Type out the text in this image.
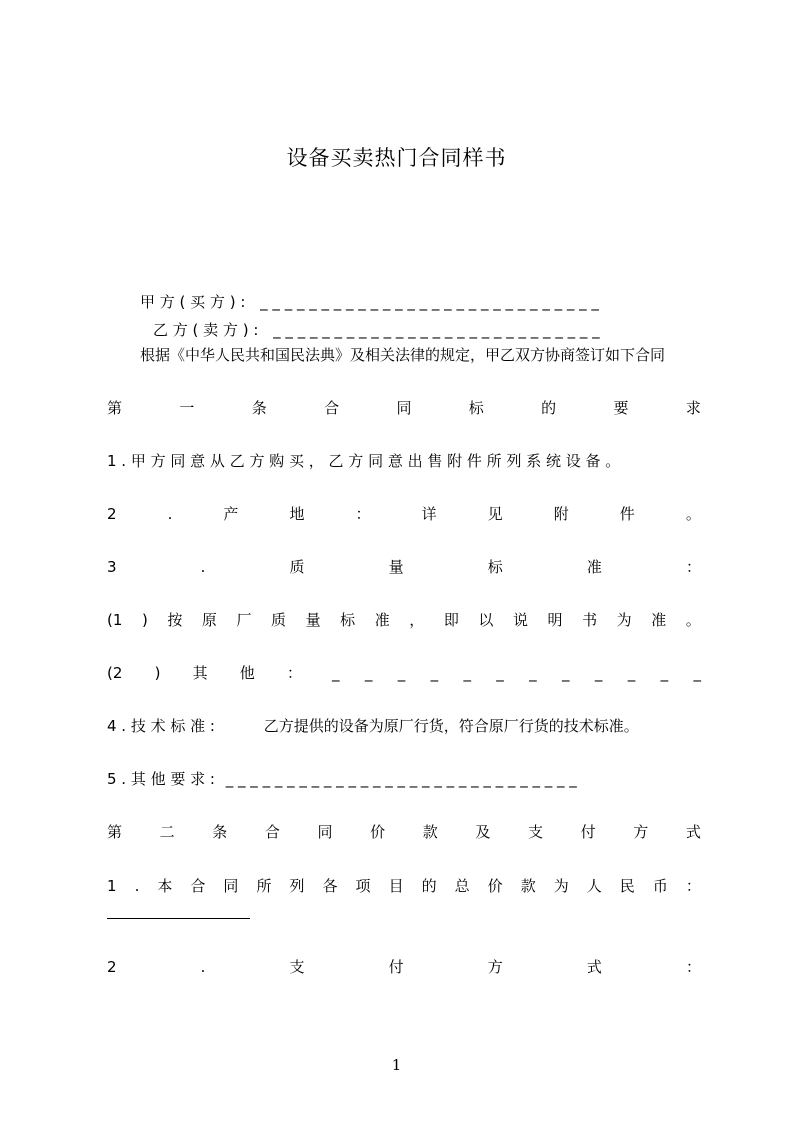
设备买卖热门合同样书
甲 方 ( 买 方 ) : _ _ _ _ _ _ _ _ _ _ _ _ _ _ _ _ _ _ _ _ _ _ _ _ _ _ _ _
乙 方 ( 卖 方 ) : _ _ _ _ _ _ _ _ _ _ _ _ _ _ _ _ _ _ _ _ _ _ _ _ _ _ _
根据《中华人民共和国民法典》及相关法律的规定，甲乙双方协商签订如下合同
第	一	条	合	同	标	的	要	求
1 . 甲 方 同 意 从 乙 方 购 买 ， 乙 方 同 意 出 售 附 件 所 列 系 统 设 备 。
2	.	产	地	：	详	见	附	件	。
3	.	质	量	标	准	：
(1 ) 按 原 厂 质 量 标 准 ， 即 以 说 明 书 为 准 。
(2 ) 其 他 ： _ _ _ _ _ _ _ _ _ _ _ _
4 . 技 术 标 准 :	乙方提供的设备为原厂行货，符合原厂行货的技术标准。
5 . 其 他 要 求 : _ _ _ _ _ _ _ _ _ _ _ _ _ _ _ _ _ _ _ _ _ _ _ _ _ _ _ _ _
第	二	条	合	同	价	款	及	支	付	方	式
1 . 本 合 同 所 列 各 项 目 的 总 价 款 为 人 民 币 ：
2	.	支	付	方	式	：
1
